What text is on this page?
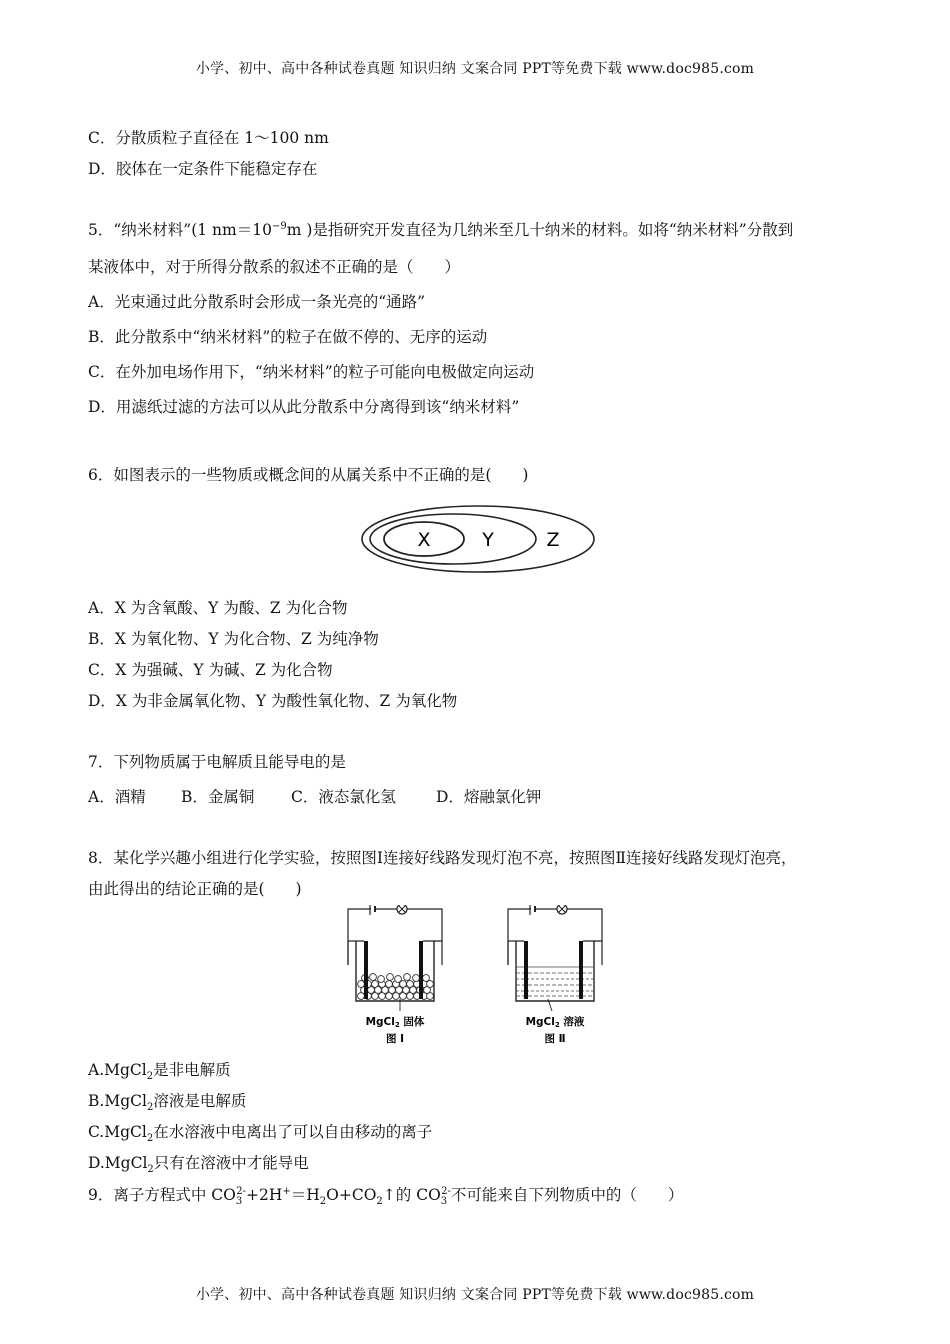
小学、初中、高中各种试卷真题 知识归纳 文案合同 PPT等免费下载 www.doc985.com
C．分散质粒子直径在 1～100 nm
D．胶体在一定条件下能稳定存在
5．“纳米材料”(1 $nm=10^{-9}m$ )是指研究开发直径为几纳米至几十纳米的材料。如将“纳米材料”分散到
某液体中，对于所得分散系的叙述不正确的是（　　）
A．光束通过此分散系时会形成一条光亮的“通路”
B．此分散系中“纳米材料”的粒子在做不停的、无序的运动
C．在外加电场作用下，“纳米材料”的粒子可能向电极做定向运动
D．用滤纸过滤的方法可以从此分散系中分离得到该“纳米材料”
6．如图表示的一些物质或概念间的从属关系中不正确的是(　　)
X	Y	Z
A．X 为含氧酸、Y 为酸、Z 为化合物
B．X 为氧化物、Y 为化合物、Z 为纯净物
C．X 为强碱、Y 为碱、Z 为化合物
D．X 为非金属氧化物、Y 为酸性氧化物、Z 为氧化物
7．下列物质属于电解质且能导电的是
A．酒精	B．金属铜	C．液态氯化氢	D．熔融氯化钾
8．某化学兴趣小组进行化学实验，按照图Ⅰ连接好线路发现灯泡不亮，按照图Ⅱ连接好线路发现灯泡亮，
由此得出的结论正确的是(　　)
MgCl2 固体
图 I
MgCl2 溶液
图 Ⅱ
A.MgCl$_2$是非电解质
B.MgCl$_2$溶液是电解质
C.MgCl$_2$在水溶液中电离出了可以自由移动的离子
D.MgCl$_2$只有在溶液中才能导电
9．离子方程式中 $CO_3^{2-}+2H^+=H_2O+CO_2↑$的 $CO_3^{2-}$不可能来自下列物质中的（　　）
小学、初中、高中各种试卷真题 知识归纳 文案合同 PPT等免费下载 www.doc985.com
